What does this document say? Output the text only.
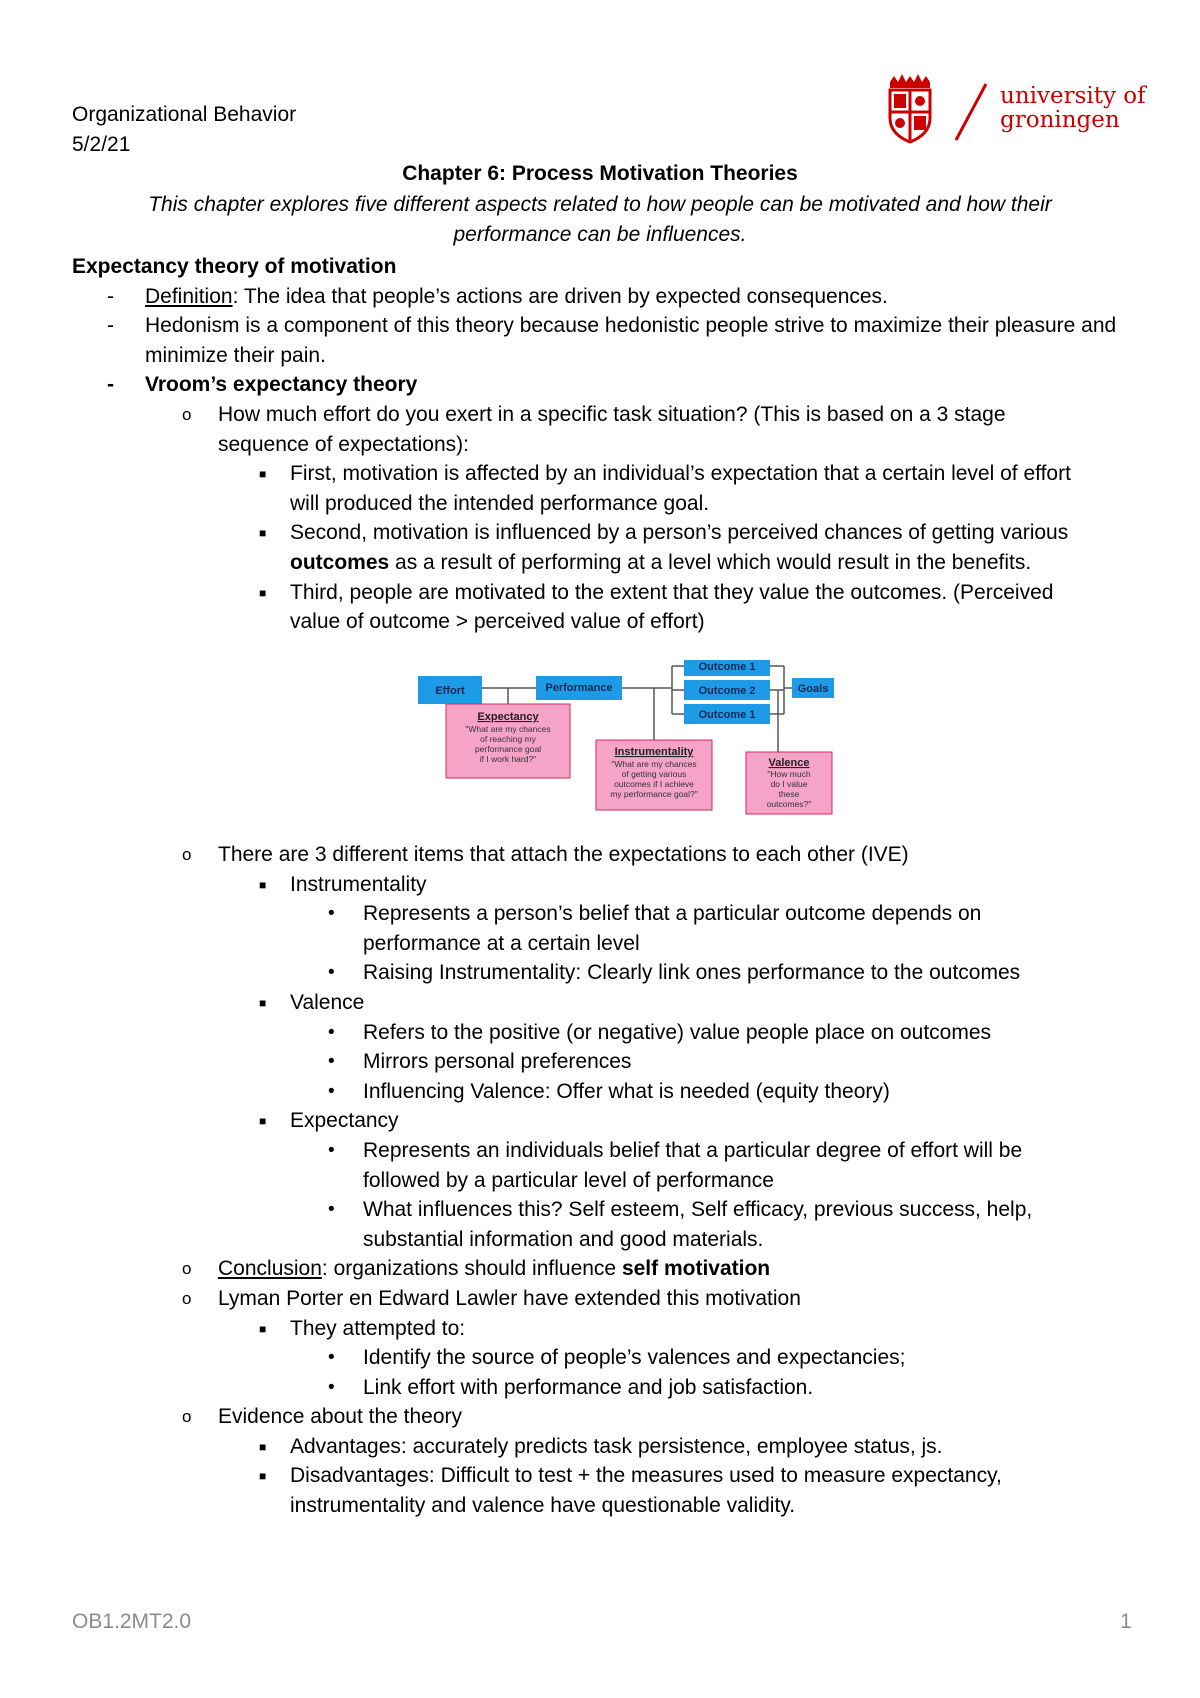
Organizational Behavior
5/2/21
university of
groningen
Chapter 6: Process Motivation Theories
This chapter explores five different aspects related to how people can be motivated and how their performance can be influences.
Expectancy theory of motivation
- Definition: The idea that people’s actions are driven by expected consequences.
- Hedonism is a component of this theory because hedonistic people strive to maximize their pleasure and minimize their pain.
- Vroom’s expectancy theory
o How much effort do you exert in a specific task situation? (This is based on a 3 stage
sequence of expectations):
■ First, motivation is affected by an individual’s expectation that a certain level of effort
will produced the intended performance goal.
■ Second, motivation is influenced by a person’s perceived chances of getting various
outcomes as a result of performing at a level which would result in the benefits.
■ Third, people are motivated to the extent that they value the outcomes. (Perceived
value of outcome > perceived value of effort)
Effort	Performance
Outcome 1
Outcome 2
Outcome 1
Goals
Expectancy
"What are my chances
of reaching my
performance goal
if I work hard?"
Instrumentality
"What are my chances
of getting various
outcomes if I achieve
my performance goal?"
Valence
"How much
do I value
these
outcomes?"
o There are 3 different items that attach the expectations to each other (IVE)
■ Instrumentality
• Represents a person’s belief that a particular outcome depends on
performance at a certain level
• Raising Instrumentality: Clearly link ones performance to the outcomes
■ Valence
• Refers to the positive (or negative) value people place on outcomes
• Mirrors personal preferences
• Influencing Valence: Offer what is needed (equity theory)
■ Expectancy
• Represents an individuals belief that a particular degree of effort will be
followed by a particular level of performance
• What influences this? Self esteem, Self efficacy, previous success, help,
substantial information and good materials.
o Conclusion: organizations should influence self motivation
o Lyman Porter en Edward Lawler have extended this motivation
■ They attempted to:
• Identify the source of people’s valences and expectancies;
• Link effort with performance and job satisfaction.
o Evidence about the theory
■ Advantages: accurately predicts task persistence, employee status, js.
■ Disadvantages: Difficult to test + the measures used to measure expectancy,
instrumentality and valence have questionable validity.
OB1.2MT2.0	1
